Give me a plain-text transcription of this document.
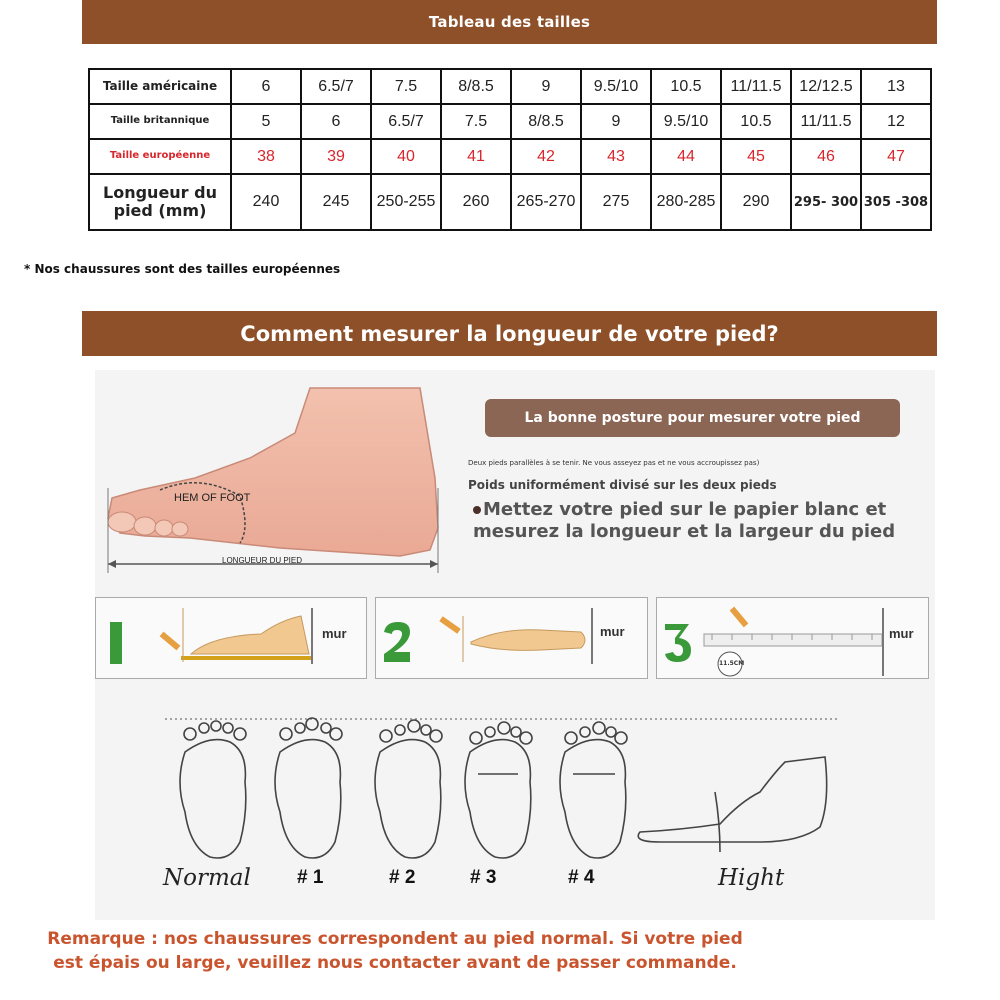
Tableau des tailles
Taille américaine	6	6.5/7	7.5	8/8.5	9	9.5/10	10.5	11/11.5	12/12.5	13
Taille britannique	5	6	6.5/7	7.5	8/8.5	9	9.5/10	10.5	11/11.5	12
Taille européenne	38	39	40	41	42	43	44	45	46	47
Longueur du pied (mm)	240	245	250-255	260	265-270	275	280-285	290	295- 300	305 -308
* Nos chaussures sont des tailles européennes
Comment mesurer la longueur de votre pied?
HEM OF FOOT
LONGUEUR DU PIED
La bonne posture pour mesurer votre pied
Deux pieds parallèles à se tenir. Ne vous asseyez pas et ne vous accroupissez pas)
Poids uniformément divisé sur les deux pieds
Mettez votre pied sur le papier blanc et mesurez la longueur et la largeur du pied
mur	mur
11.5CM
mur
Normal # 1	# 2	# 3	# 4	Hight
Remarque : nos chaussures correspondent au pied normal. Si votre pied
est épais ou large, veuillez nous contacter avant de passer commande.
